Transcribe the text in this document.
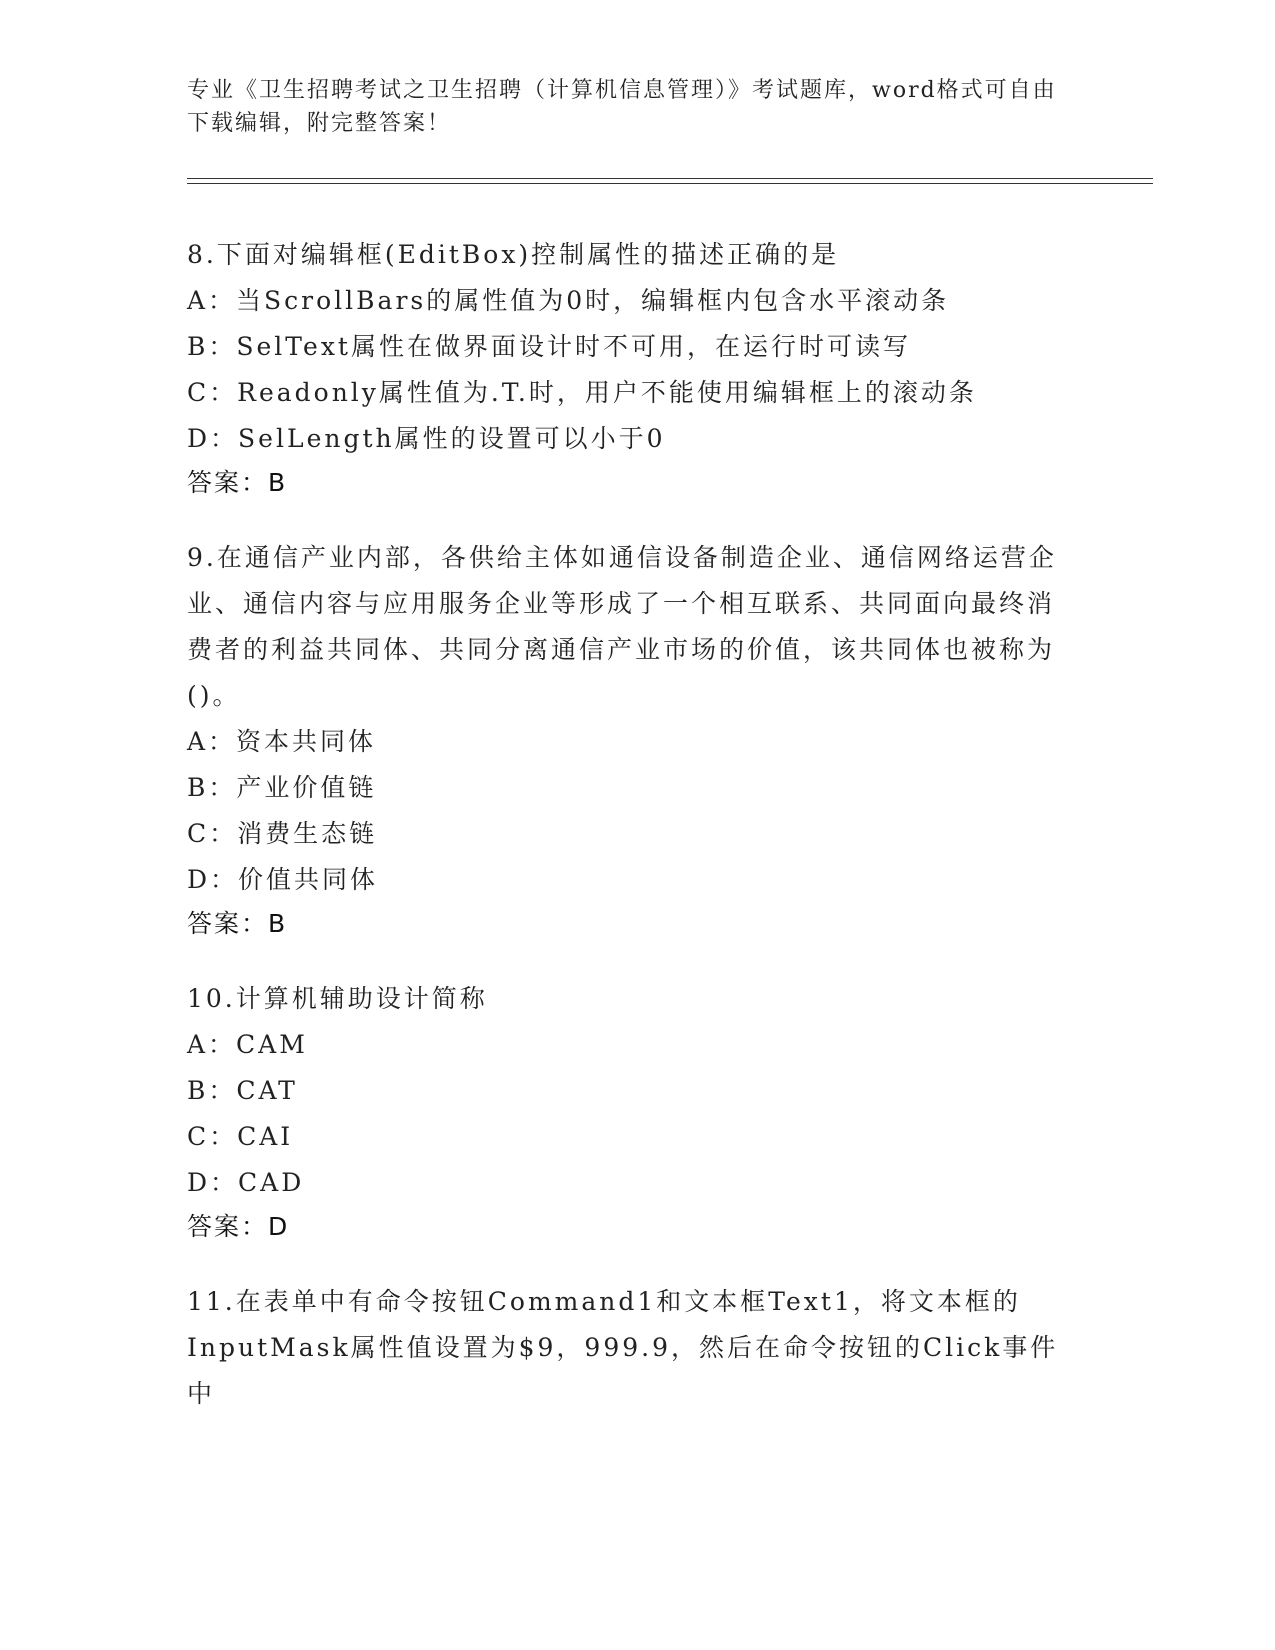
专业《卫生招聘考试之卫生招聘（计算机信息管理）》考试题库，word格式可自由下载编辑，附完整答案！
8.下面对编辑框(EditBox)控制属性的描述正确的是
A：当ScrollBars的属性值为0时，编辑框内包含水平滚动条
B：SelText属性在做界面设计时不可用，在运行时可读写
C：Readonly属性值为.T.时，用户不能使用编辑框上的滚动条
D：SelLength属性的设置可以小于0
答案：B
9.在通信产业内部，各供给主体如通信设备制造企业、通信网络运营企业、通信内容与应用服务企业等形成了一个相互联系、共同面向最终消费者的利益共同体、共同分离通信产业市场的价值，该共同体也被称为()。
A：资本共同体
B：产业价值链
C：消费生态链
D：价值共同体
答案：B
10.计算机辅助设计简称
A：CAM
B：CAT
C：CAI
D：CAD
答案：D
11.在表单中有命令按钮Command1和文本框Text1，将文本框的InputMask属性值设置为$9，999.9，然后在命令按钮的Click事件中
